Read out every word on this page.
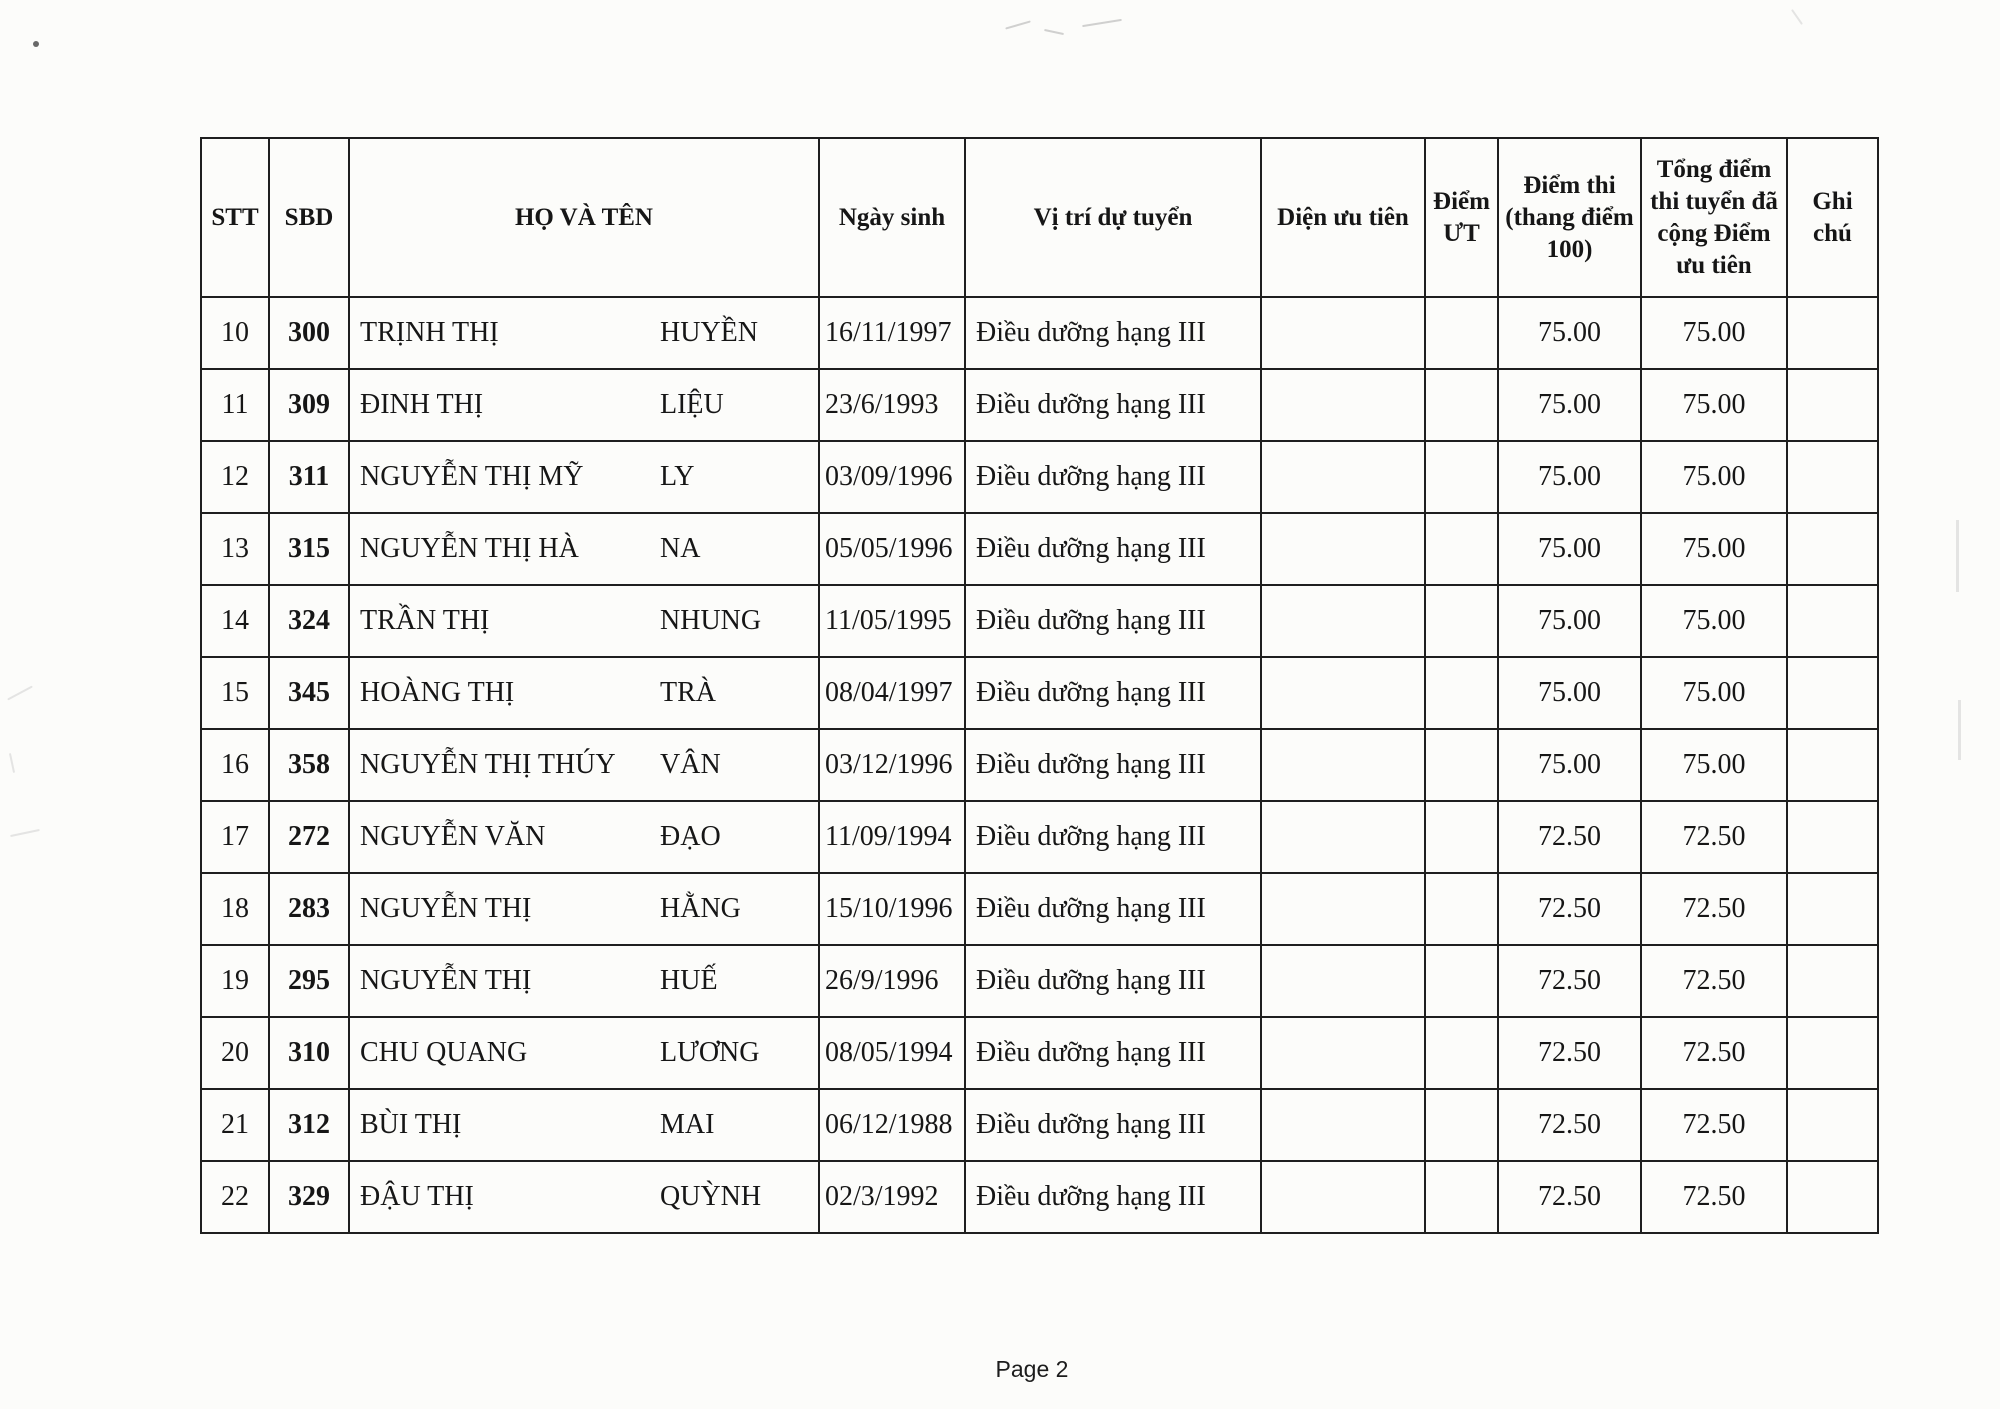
STT	SBD	HỌ VÀ TÊN	Ngày sinh	Vị trí dự tuyển	Diện ưu tiên	Điểm ƯT	Điểm thi (thang điểm 100)	Tổng điểm thi tuyển đã cộng Điểm ưu tiên	Ghi chú
10	300	TRỊNH THỊ HUYỀN	16/11/1997	Điều dưỡng hạng III			75.00	75.00	
11	309	ĐINH THỊ LIỆU	23/6/1993	Điều dưỡng hạng III			75.00	75.00	
12	311	NGUYỄN THỊ MỸ LY	03/09/1996	Điều dưỡng hạng III			75.00	75.00	
13	315	NGUYỄN THỊ HÀ NA	05/05/1996	Điều dưỡng hạng III			75.00	75.00	
14	324	TRẦN THỊ NHUNG	11/05/1995	Điều dưỡng hạng III			75.00	75.00	
15	345	HOÀNG THỊ TRÀ	08/04/1997	Điều dưỡng hạng III			75.00	75.00	
16	358	NGUYỄN THỊ THÚY VÂN	03/12/1996	Điều dưỡng hạng III			75.00	75.00	
17	272	NGUYỄN VĂN ĐẠO	11/09/1994	Điều dưỡng hạng III			72.50	72.50	
18	283	NGUYỄN THỊ HẰNG	15/10/1996	Điều dưỡng hạng III			72.50	72.50	
19	295	NGUYỄN THỊ HUẾ	26/9/1996	Điều dưỡng hạng III			72.50	72.50	
20	310	CHU QUANG LƯƠNG	08/05/1994	Điều dưỡng hạng III			72.50	72.50	
21	312	BÙI THỊ MAI	06/12/1988	Điều dưỡng hạng III			72.50	72.50	
22	329	ĐẬU THỊ QUỲNH	02/3/1992	Điều dưỡng hạng III			72.50	72.50	
Page 2
